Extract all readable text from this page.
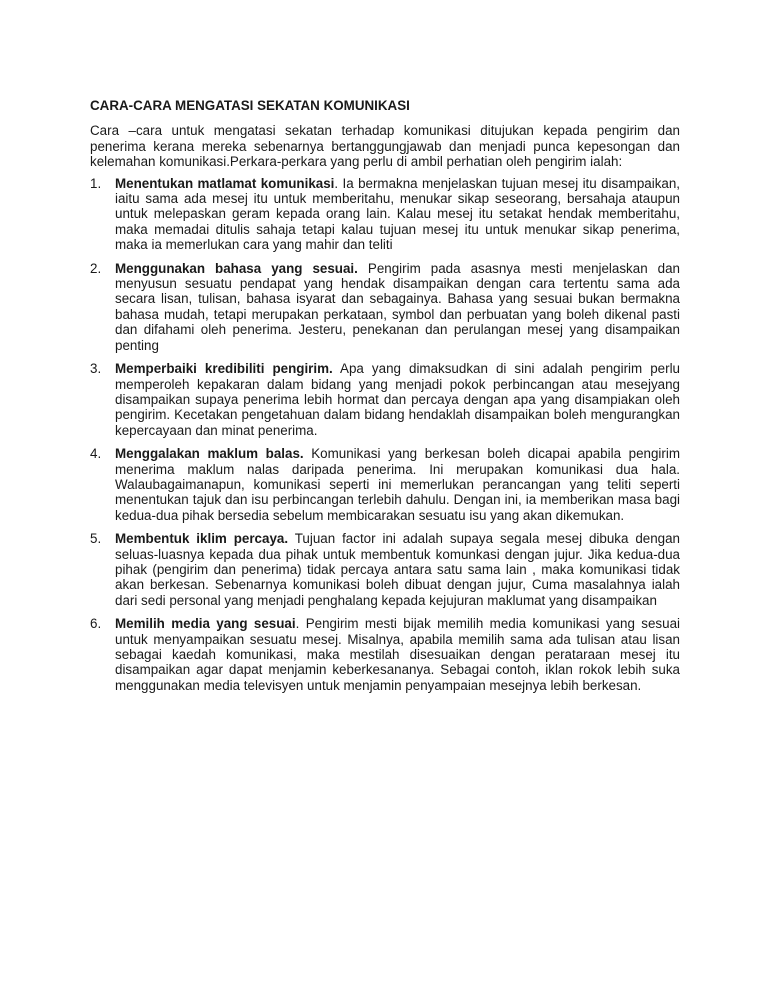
CARA-CARA MENGATASI SEKATAN KOMUNIKASI
Cara –cara untuk mengatasi sekatan terhadap komunikasi ditujukan kepada pengirim dan penerima kerana mereka sebenarnya bertanggungjawab dan menjadi punca kepesongan dan kelemahan komunikasi.Perkara-perkara yang perlu di ambil perhatian oleh pengirim ialah:
1. Menentukan matlamat komunikasi. Ia bermakna menjelaskan tujuan mesej itu disampaikan, iaitu sama ada mesej itu untuk memberitahu, menukar sikap seseorang, bersahaja ataupun untuk melepaskan geram kepada orang lain. Kalau mesej itu setakat hendak memberitahu, maka memadai ditulis sahaja tetapi kalau tujuan mesej itu untuk menukar sikap penerima, maka ia memerlukan cara yang mahir dan teliti
2. Menggunakan bahasa yang sesuai. Pengirim pada asasnya mesti menjelaskan dan menyusun sesuatu pendapat yang hendak disampaikan dengan cara tertentu sama ada secara lisan, tulisan, bahasa isyarat dan sebagainya. Bahasa yang sesuai bukan bermakna bahasa mudah, tetapi merupakan perkataan, symbol dan perbuatan yang boleh dikenal pasti dan difahami oleh penerima. Jesteru, penekanan dan perulangan mesej yang disampaikan penting
3. Memperbaiki kredibiliti pengirim. Apa yang dimaksudkan di sini adalah pengirim perlu memperoleh kepakaran dalam bidang yang menjadi pokok perbincangan atau mesejyang disampaikan supaya penerima lebih hormat dan percaya dengan apa yang disampiakan oleh pengirim. Kecetakan pengetahuan dalam bidang hendaklah disampaikan boleh mengurangkan kepercayaan dan minat penerima.
4. Menggalakan maklum balas. Komunikasi yang berkesan boleh dicapai apabila pengirim menerima maklum nalas daripada penerima. Ini merupakan komunikasi dua hala. Walaubagaimanapun, komunikasi seperti ini memerlukan perancangan yang teliti seperti menentukan tajuk dan isu perbincangan terlebih dahulu. Dengan ini, ia memberikan masa bagi kedua-dua pihak bersedia sebelum membicarakan sesuatu isu yang akan dikemukan.
5. Membentuk iklim percaya. Tujuan factor ini adalah supaya segala mesej dibuka dengan seluas-luasnya kepada dua pihak untuk membentuk komunkasi dengan jujur. Jika kedua-dua pihak (pengirim dan penerima) tidak percaya antara satu sama lain , maka komunikasi tidak akan berkesan. Sebenarnya komunikasi boleh dibuat dengan jujur, Cuma masalahnya ialah dari sedi personal yang menjadi penghalang kepada kejujuran maklumat yang disampaikan
6. Memilih media yang sesuai. Pengirim mesti bijak memilih media komunikasi yang sesuai untuk menyampaikan sesuatu mesej. Misalnya, apabila memilih sama ada tulisan atau lisan sebagai kaedah komunikasi, maka mestilah disesuaikan dengan perataraan mesej itu disampaikan agar dapat menjamin keberkesananya. Sebagai contoh, iklan rokok lebih suka menggunakan media televisyen untuk menjamin penyampaian mesejnya lebih berkesan.
